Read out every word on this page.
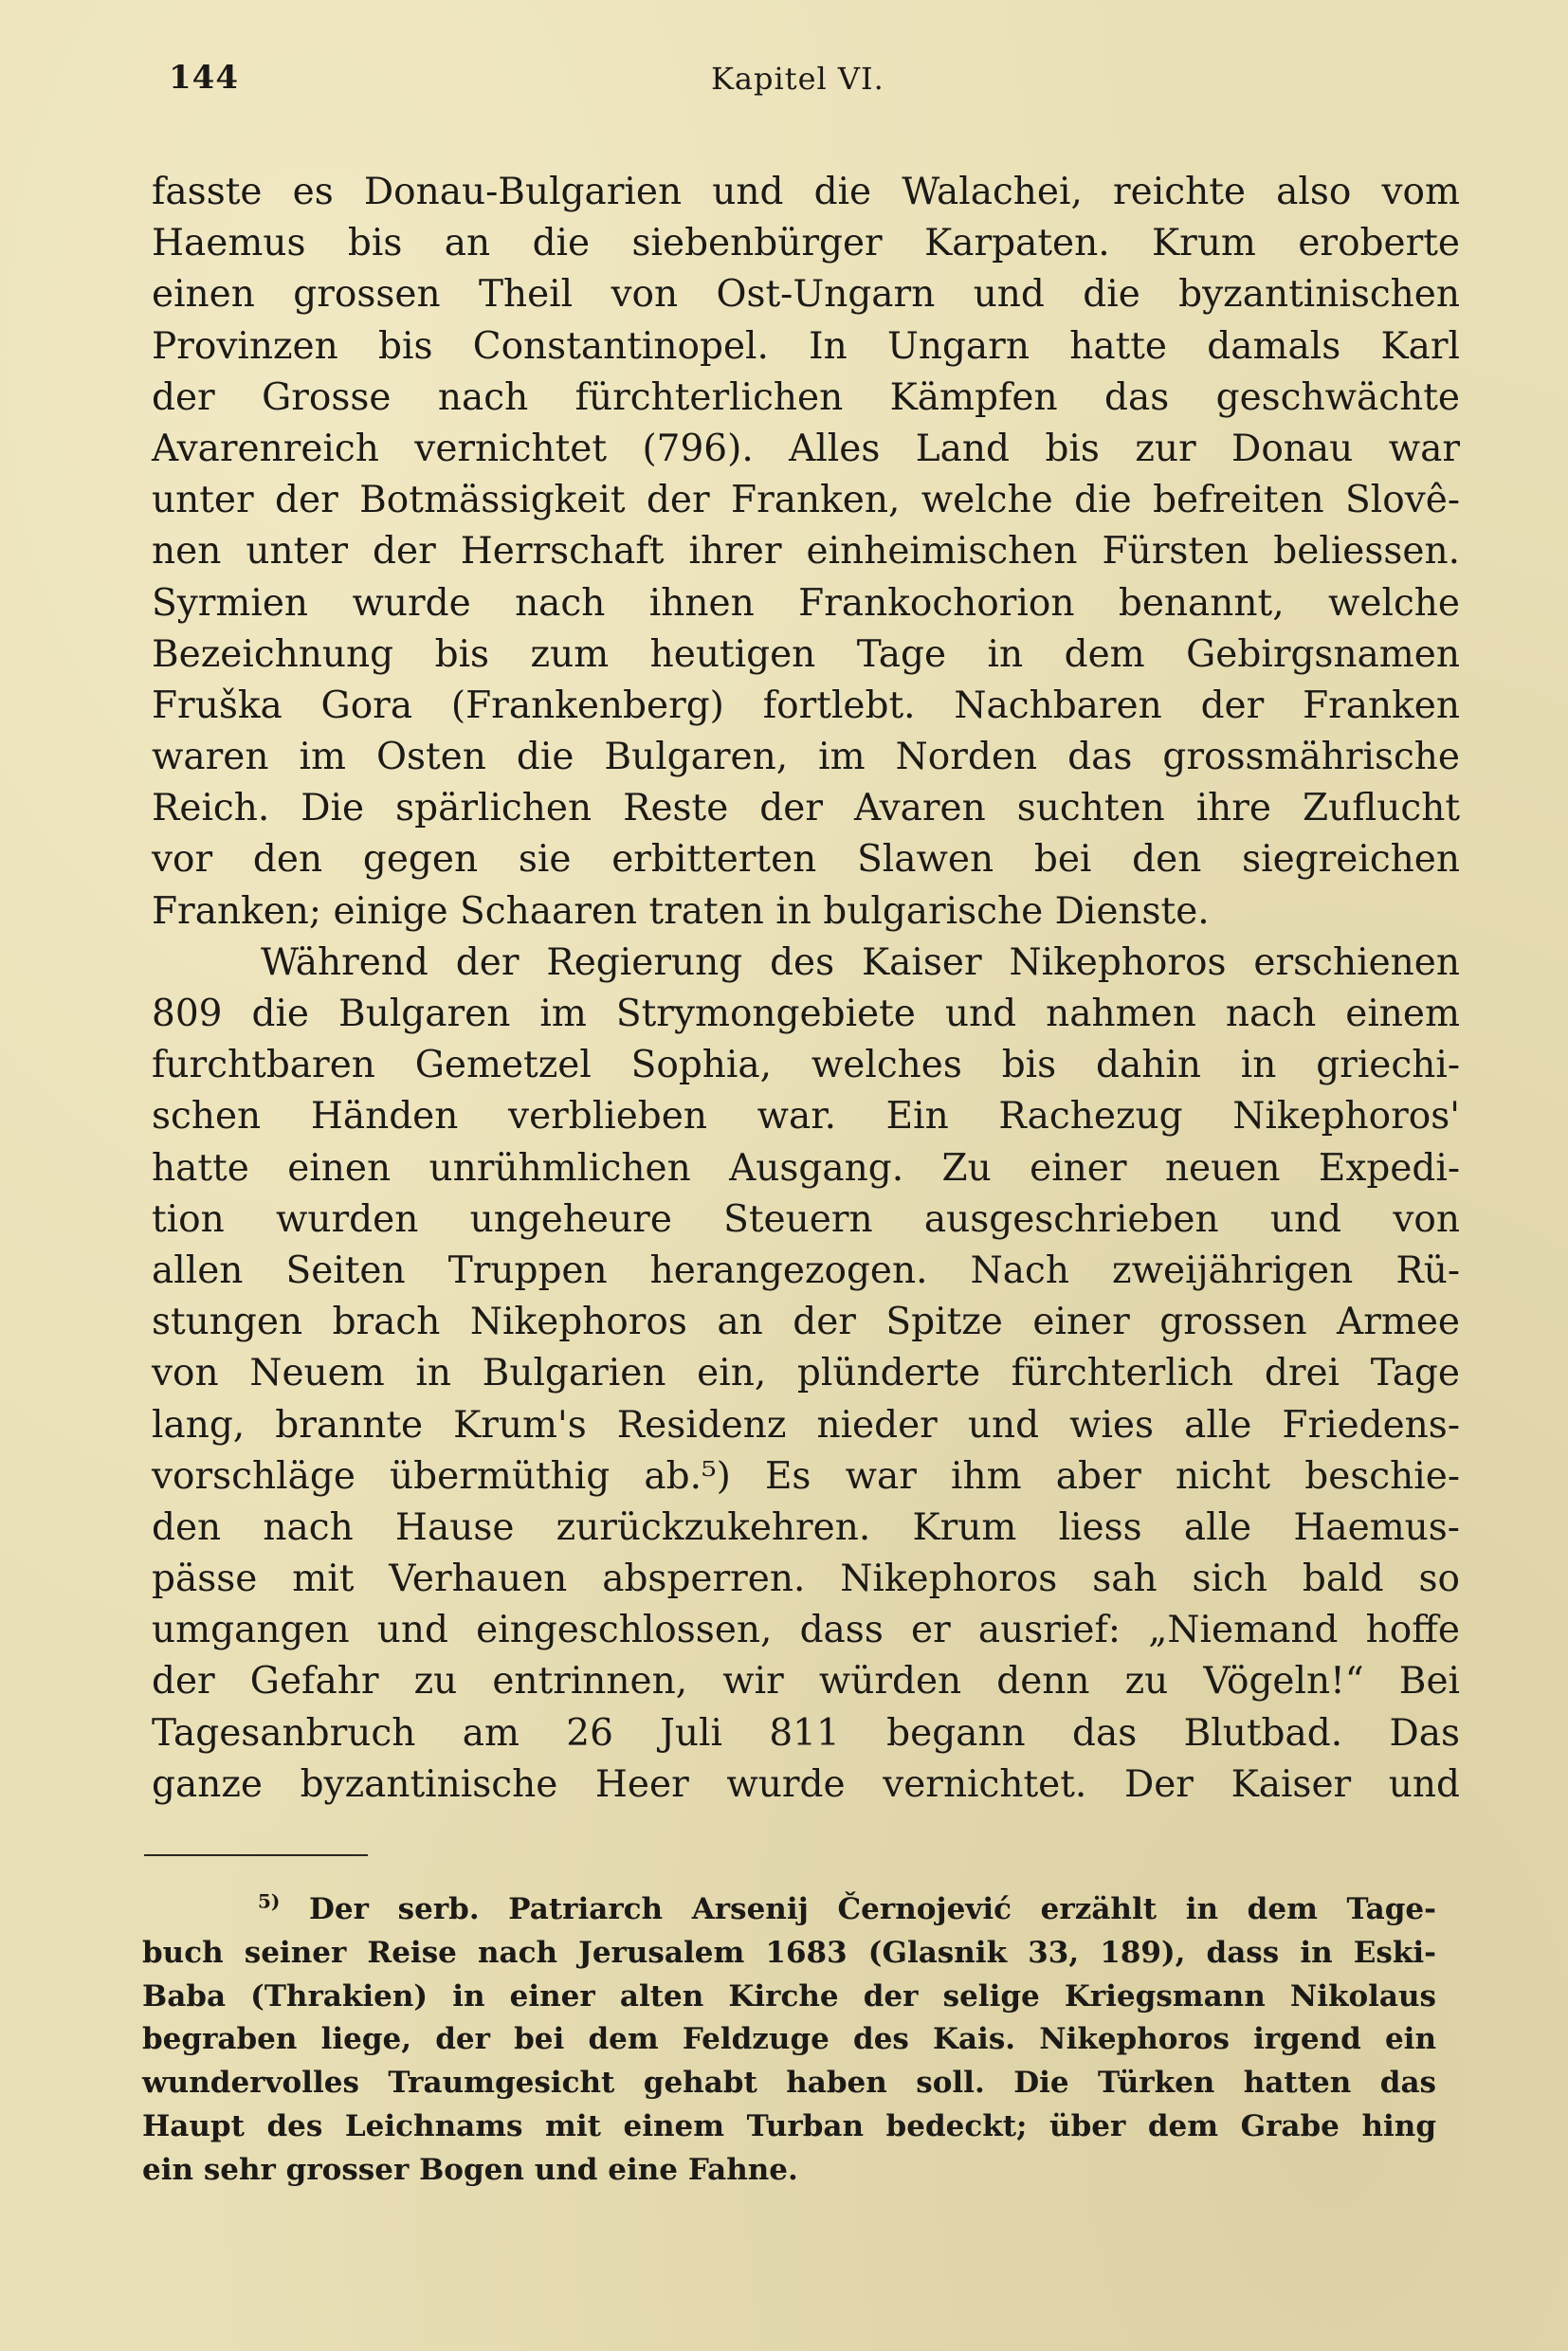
144	Kapitel VI.
fasste es Donau-Bulgarien und die Walachei, reichte also vom
Haemus bis an die siebenbürger Karpaten. Krum eroberte
einen grossen Theil von Ost-Ungarn und die byzantinischen
Provinzen bis Constantinopel. In Ungarn hatte damals Karl
der Grosse nach fürchterlichen Kämpfen das geschwächte
Avarenreich vernichtet (796). Alles Land bis zur Donau war
unter der Botmässigkeit der Franken, welche die befreiten Slovê-
nen unter der Herrschaft ihrer einheimischen Fürsten beliessen.
Syrmien wurde nach ihnen Frankochorion benannt, welche
Bezeichnung bis zum heutigen Tage in dem Gebirgsnamen
Fruška Gora (Frankenberg) fortlebt. Nachbaren der Franken
waren im Osten die Bulgaren, im Norden das grossmährische
Reich. Die spärlichen Reste der Avaren suchten ihre Zuflucht
vor den gegen sie erbitterten Slawen bei den siegreichen
Franken; einige Schaaren traten in bulgarische Dienste.
Während der Regierung des Kaiser Nikephoros erschienen
809 die Bulgaren im Strymongebiete und nahmen nach einem
furchtbaren Gemetzel Sophia, welches bis dahin in griechi-
schen Händen verblieben war. Ein Rachezug Nikephoros'
hatte einen unrühmlichen Ausgang. Zu einer neuen Expedi-
tion wurden ungeheure Steuern ausgeschrieben und von
allen Seiten Truppen herangezogen. Nach zweijährigen Rü-
stungen brach Nikephoros an der Spitze einer grossen Armee
von Neuem in Bulgarien ein, plünderte fürchterlich drei Tage
lang, brannte Krum's Residenz nieder und wies alle Friedens-
vorschläge übermüthig ab.⁵) Es war ihm aber nicht beschie-
den nach Hause zurückzukehren. Krum liess alle Haemus-
pässe mit Verhauen absperren. Nikephoros sah sich bald so
umgangen und eingeschlossen, dass er ausrief: „Niemand hoffe
der Gefahr zu entrinnen, wir würden denn zu Vögeln!“ Bei
Tagesanbruch am 26 Juli 811 begann das Blutbad. Das
ganze byzantinische Heer wurde vernichtet. Der Kaiser und
$^{5)}$ Der serb. Patriarch Arsenij Černojević erzählt in dem Tage-
buch seiner Reise nach Jerusalem 1683 (Glasnik 33, 189), dass in Eski-
Baba (Thrakien) in einer alten Kirche der selige Kriegsmann Nikolaus
begraben liege, der bei dem Feldzuge des Kais. Nikephoros irgend ein
wundervolles Traumgesicht gehabt haben soll. Die Türken hatten das
Haupt des Leichnams mit einem Turban bedeckt; über dem Grabe hing
ein sehr grosser Bogen und eine Fahne.
